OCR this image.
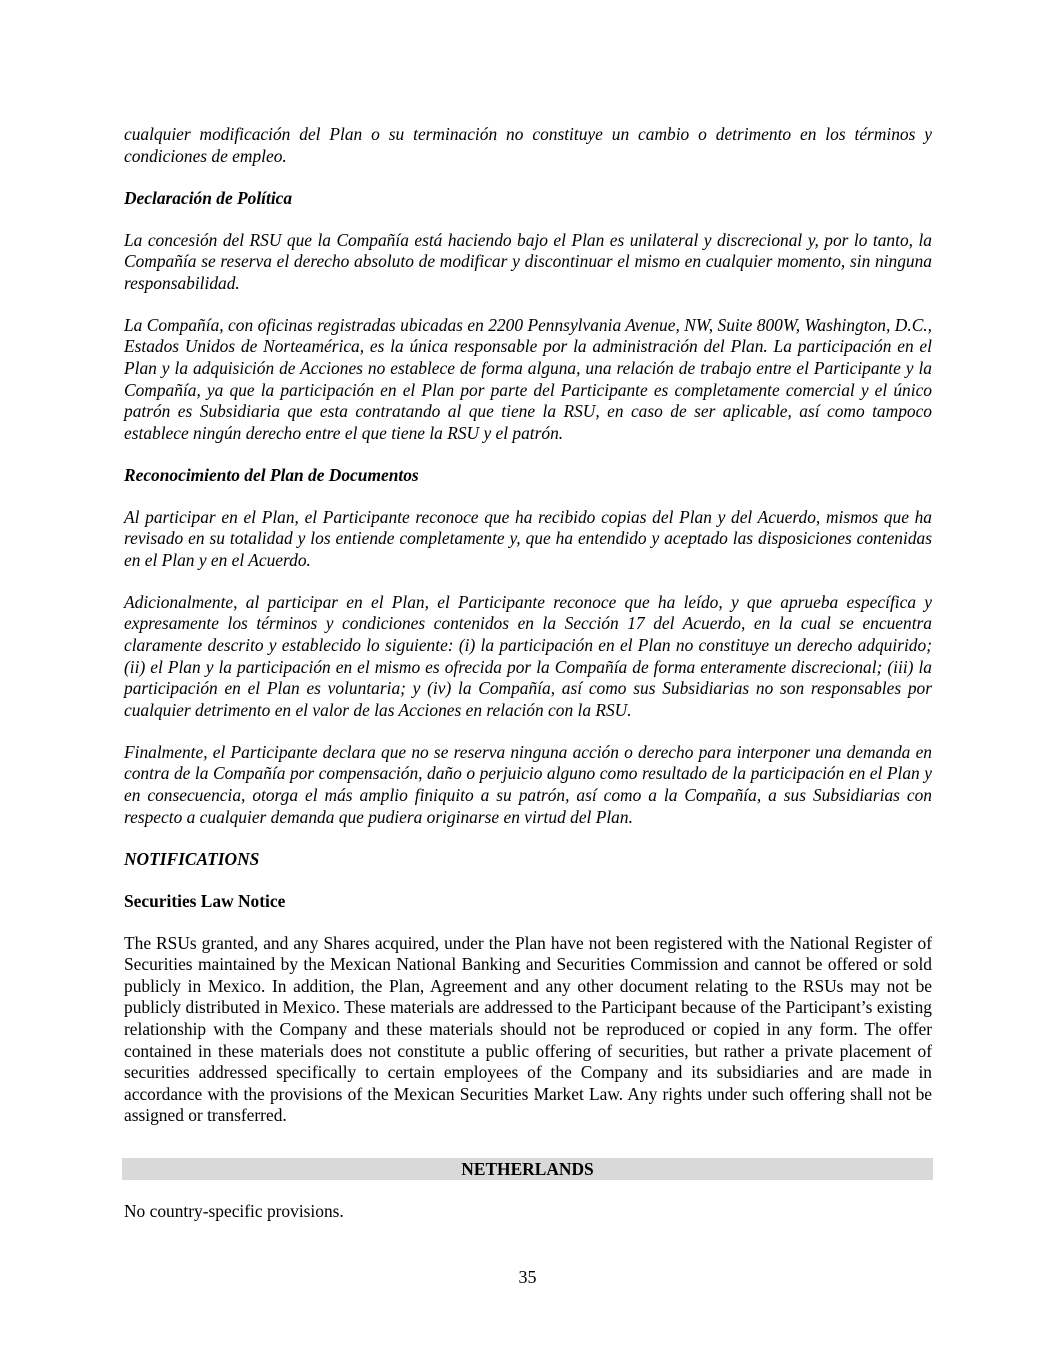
cualquier modificación del Plan o su terminación no constituye un cambio o detrimento en los términos y condiciones de empleo.

Declaración de Política

La concesión del RSU que la Compañía está haciendo bajo el Plan es unilateral y discrecional y, por lo tanto, la Compañía se reserva el derecho absoluto de modificar y discontinuar el mismo en cualquier momento, sin ninguna responsabilidad.

La Compañía, con oficinas registradas ubicadas en 2200 Pennsylvania Avenue, NW, Suite 800W, Washington, D.C., Estados Unidos de Norteamérica, es la única responsable por la administración del Plan. La participación en el Plan y la adquisición de Acciones no establece de forma alguna, una relación de trabajo entre el Participante y la Compañía, ya que la participación en el Plan por parte del Participante es completamente comercial y el único patrón es Subsidiaria que esta contratando al que tiene la RSU, en caso de ser aplicable, así como tampoco establece ningún derecho entre el que tiene la RSU y el patrón.

Reconocimiento del Plan de Documentos

Al participar en el Plan, el Participante reconoce que ha recibido copias del Plan y del Acuerdo, mismos que ha revisado en su totalidad y los entiende completamente y, que ha entendido y aceptado las disposiciones contenidas en el Plan y en el Acuerdo.

Adicionalmente, al participar en el Plan, el Participante reconoce que ha leído, y que aprueba específica y expresamente los términos y condiciones contenidos en la Sección 17 del Acuerdo, en la cual se encuentra claramente descrito y establecido lo siguiente: (i) la participación en el Plan no constituye un derecho adquirido; (ii) el Plan y la participación en el mismo es ofrecida por la Compañía de forma enteramente discrecional; (iii) la participación en el Plan es voluntaria; y (iv) la Compañía, así como sus Subsidiarias no son responsables por cualquier detrimento en el valor de las Acciones en relación con la RSU.

Finalmente, el Participante declara que no se reserva ninguna acción o derecho para interponer una demanda en contra de la Compañía por compensación, daño o perjuicio alguno como resultado de la participación en el Plan y en consecuencia, otorga el más amplio finiquito a su patrón, así como a la Compañía, a sus Subsidiarias con respecto a cualquier demanda que pudiera originarse en virtud del Plan.

NOTIFICATIONS

Securities Law Notice

The RSUs granted, and any Shares acquired, under the Plan have not been registered with the National Register of Securities maintained by the Mexican National Banking and Securities Commission and cannot be offered or sold publicly in Mexico. In addition, the Plan, Agreement and any other document relating to the RSUs may not be publicly distributed in Mexico. These materials are addressed to the Participant because of the Participant’s existing relationship with the Company and these materials should not be reproduced or copied in any form. The offer contained in these materials does not constitute a public offering of securities, but rather a private placement of securities addressed specifically to certain employees of the Company and its subsidiaries and are made in accordance with the provisions of the Mexican Securities Market Law. Any rights under such offering shall not be assigned or transferred.

NETHERLANDS

No country-specific provisions.

35
